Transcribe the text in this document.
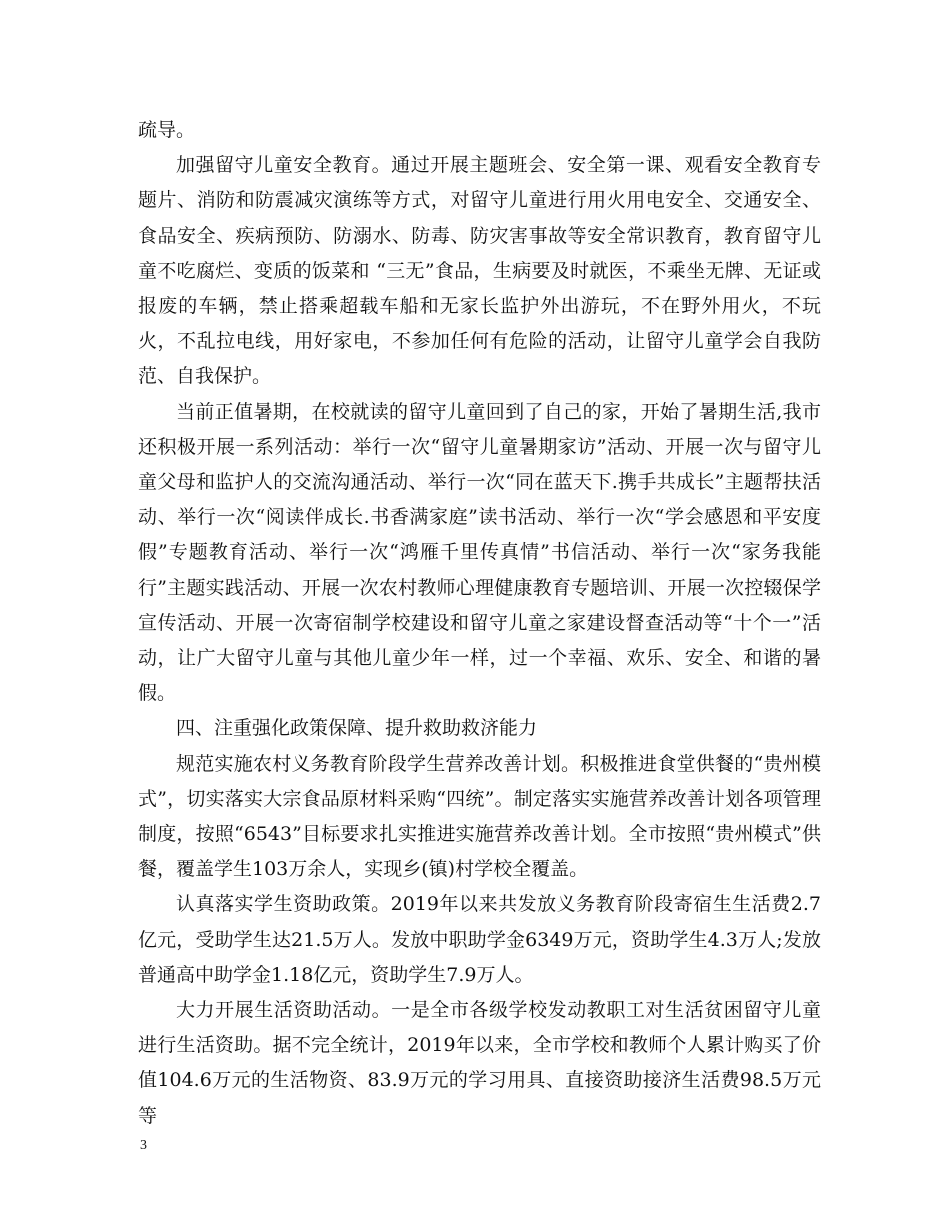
疏导。

加强留守儿童安全教育。通过开展主题班会、安全第一课、观看安全教育专题片、消防和防震减灾演练等方式，对留守儿童进行用火用电安全、交通安全、食品安全、疾病预防、防溺水、防毒、防灾害事故等安全常识教育，教育留守儿童不吃腐烂、变质的饭菜和 “三无”食品，生病要及时就医，不乘坐无牌、无证或报废的车辆，禁止搭乘超载车船和无家长监护外出游玩，不在野外用火，不玩火，不乱拉电线，用好家电，不参加任何有危险的活动，让留守儿童学会自我防范、自我保护。

当前正值暑期，在校就读的留守儿童回到了自己的家，开始了暑期生活,我市还积极开展一系列活动：举行一次“留守儿童暑期家访”活动、开展一次与留守儿童父母和监护人的交流沟通活动、举行一次“同在蓝天下.携手共成长”主题帮扶活动、举行一次“阅读伴成长.书香满家庭”读书活动、举行一次“学会感恩和平安度假”专题教育活动、举行一次“鸿雁千里传真情”书信活动、举行一次“家务我能行”主题实践活动、开展一次农村教师心理健康教育专题培训、开展一次控辍保学宣传活动、开展一次寄宿制学校建设和留守儿童之家建设督查活动等“十个一”活动，让广大留守儿童与其他儿童少年一样，过一个幸福、欢乐、安全、和谐的暑假。

四、注重强化政策保障、提升救助救济能力

规范实施农村义务教育阶段学生营养改善计划。积极推进食堂供餐的“贵州模式”，切实落实大宗食品原材料采购“四统”。制定落实实施营养改善计划各项管理制度，按照“6543”目标要求扎实推进实施营养改善计划。全市按照“贵州模式”供餐，覆盖学生103万余人，实现乡(镇)村学校全覆盖。

认真落实学生资助政策。2019年以来共发放义务教育阶段寄宿生生活费2.7亿元，受助学生达21.5万人。发放中职助学金6349万元，资助学生4.3万人;发放普通高中助学金1.18亿元，资助学生7.9万人。

大力开展生活资助活动。一是全市各级学校发动教职工对生活贫困留守儿童进行生活资助。据不完全统计，2019年以来，全市学校和教师个人累计购买了价值104.6万元的生活物资、83.9万元的学习用具、直接资助接济生活费98.5万元等

3
